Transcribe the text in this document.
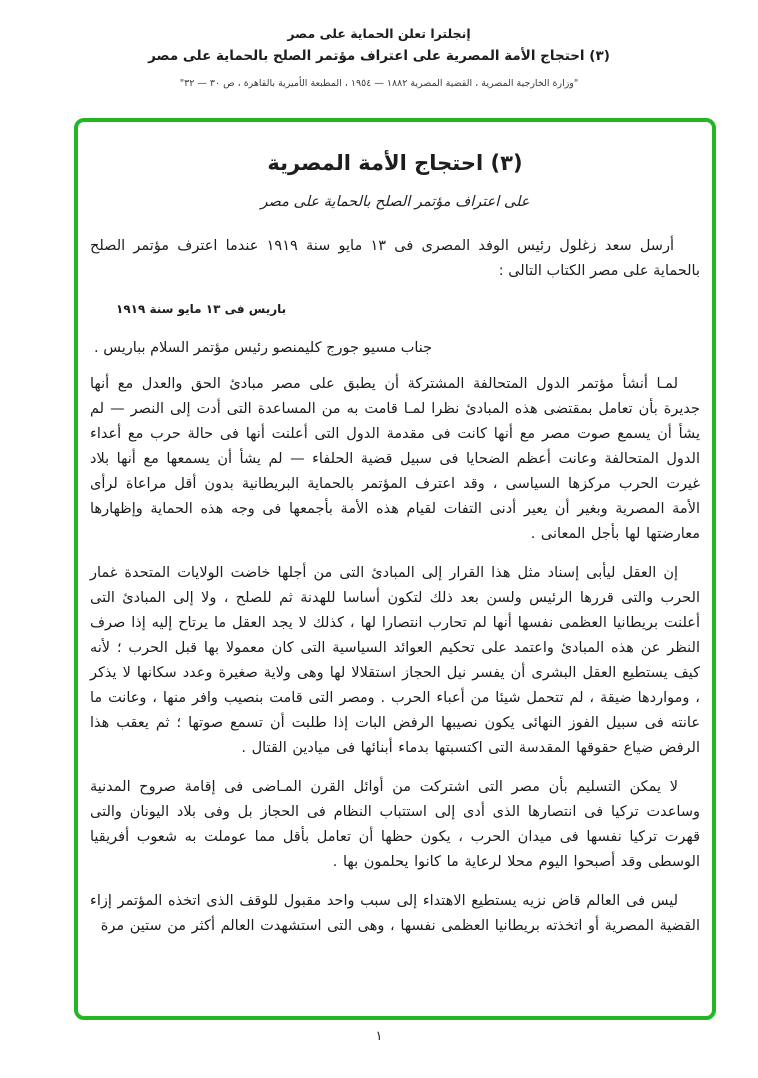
إنجلترا تعلن الحماية على مصر
(٣) احتجاج الأمة المصرية على اعتراف مؤتمر الصلح بالحماية على مصر
"وزارة الخارجية المصرية ، القضية المصرية ١٨٨٢ — ١٩٥٤ ، المطبعة الأميرية بالقاهرة ، ص ٣٠ — ٣٢"
(٣) احتجاج الأمة المصرية
على اعتراف مؤتمر الصلح بالحماية على مصر

أرسل سعد زغلول رئيس الوفد المصرى فى ١٣ مايو سنة ١٩١٩ عندما اعترف مؤتمر الصلح بالحماية على مصر الكتاب التالى :

باريس فى ١٣ مايو سنة ١٩١٩

جناب مسيو جورج كليمنصو رئيس مؤتمر السلام بباريس .

لمـا أنشأ مؤتمر الدول المتحالفة المشتركة أن يطبق على مصر مبادئ الحق والعدل مع أنها جديرة بأن تعامل بمقتضى هذه المبادئ نظرا لمـا قامت به من المساعدة التى أدت إلى النصر — لم يشأ أن يسمع صوت مصر مع أنها كانت فى مقدمة الدول التى أعلنت أنها فى حالة حرب مع أعداء الدول المتحالفة وعانت أعظم الضحايا فى سبيل قضية الحلفاء — لم يشأ أن يسمعها مع أنها بلاد غيرت الحرب مركزها السياسى ، وقد اعترف المؤتمر بالحماية البريطانية بدون أقل مراعاة لرأى الأمة المصرية وبغير أن يعير أدنى التفات لقيام هذه الأمة بأجمعها فى وجه هذه الحماية وإظهارها معارضتها لها بأجل المعانى .

إن العقل ليأبى إسناد مثل هذا القرار إلى المبادئ التى من أجلها خاضت الولايات المتحدة غمار الحرب والتى قررها الرئيس ولسن بعد ذلك لتكون أساسا للهدنة ثم للصلح ، ولا إلى المبادئ التى أعلنت بريطانيا العظمى نفسها أنها لم تحارب انتصارا لها ، كذلك لا يجد العقل ما يرتاح إليه إذا صرف النظر عن هذه المبادئ واعتمد على تحكيم العوائد السياسية التى كان معمولا بها قبل الحرب ؛ لأنه كيف يستطيع العقل البشرى أن يفسر نيل الحجاز استقلالا لها وهى ولاية صغيرة وعدد سكانها لا يذكر ، ومواردها ضيقة ، لم تتحمل شيئا من أعباء الحرب . ومصر التى قامت بنصيب وافر منها ، وعانت ما عانته فى سبيل الفوز النهائى يكون نصيبها الرفض البات إذا طلبت أن تسمع صوتها ؛ ثم يعقب هذا الرفض ضياع حقوقها المقدسة التى اكتسبتها بدماء أبنائها فى ميادين القتال .

لا يمكن التسليم بأن مصر التى اشتركت من أوائل القرن المـاضى فى إقامة صروح المدنية وساعدت تركيا فى انتصارها الذى أدى إلى استتباب النظام فى الحجاز بل وفى بلاد اليونان والتى قهرت تركيا نفسها فى ميدان الحرب ، يكون حظها أن تعامل بأقل مما عوملت به شعوب أفريقيا الوسطى وقد أصبحوا اليوم محلا لرعاية ما كانوا يحلمون بها .

ليس فى العالم قاض نزيه يستطيع الاهتداء إلى سبب واحد مقبول للوقف الذى اتخذه المؤتمر إزاء القضية المصرية أو اتخذته بريطانيا العظمى نفسها ، وهى التى استشهدت العالم أكثر من ستين مرة

١
